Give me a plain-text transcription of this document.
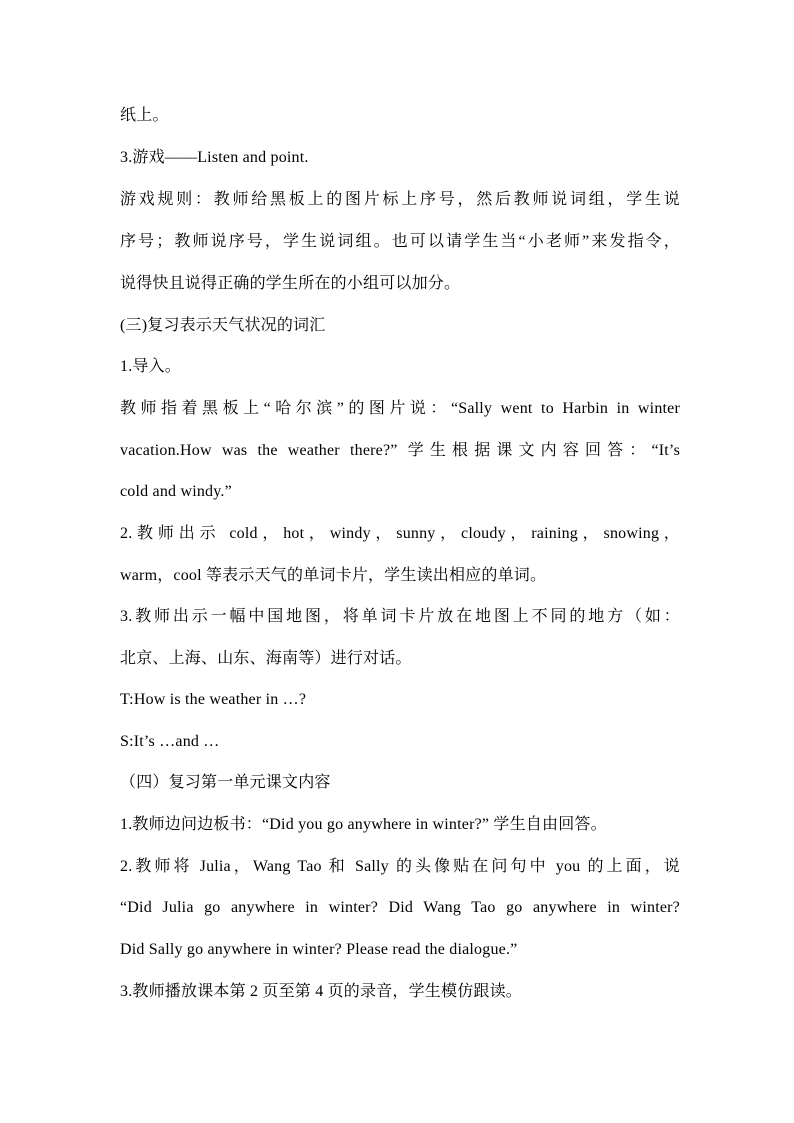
纸上。
3.游戏——Listen and point.
游戏规则：教师给黑板上的图片标上序号，然后教师说词组，学生说
序号；教师说序号，学生说词组。也可以请学生当“小老师”来发指令，
说得快且说得正确的学生所在的小组可以加分。
(三)复习表示天气状况的词汇
1.导入。
教师指着黑板上“哈尔滨”的图片说：“Sally went to Harbin in winter
vacation.How was the weather there?” 学生根据课文内容回答：“It’s
cold and windy.”
2.教师出示 cold，hot，windy，sunny，cloudy，raining，snowing，
warm，cool 等表示天气的单词卡片，学生读出相应的单词。
3.教师出示一幅中国地图，将单词卡片放在地图上不同的地方（如：
北京、上海、山东、海南等）进行对话。
T:How is the weather in …?
S:It’s …and …
（四）复习第一单元课文内容
1.教师边问边板书：“Did you go anywhere in winter?” 学生自由回答。
2.教师将 Julia，Wang Tao 和 Sally 的头像贴在问句中 you 的上面，说
“Did Julia go anywhere in winter? Did Wang Tao go anywhere in winter?
Did Sally go anywhere in winter? Please read the dialogue.”
3.教师播放课本第 2 页至第 4 页的录音，学生模仿跟读。
